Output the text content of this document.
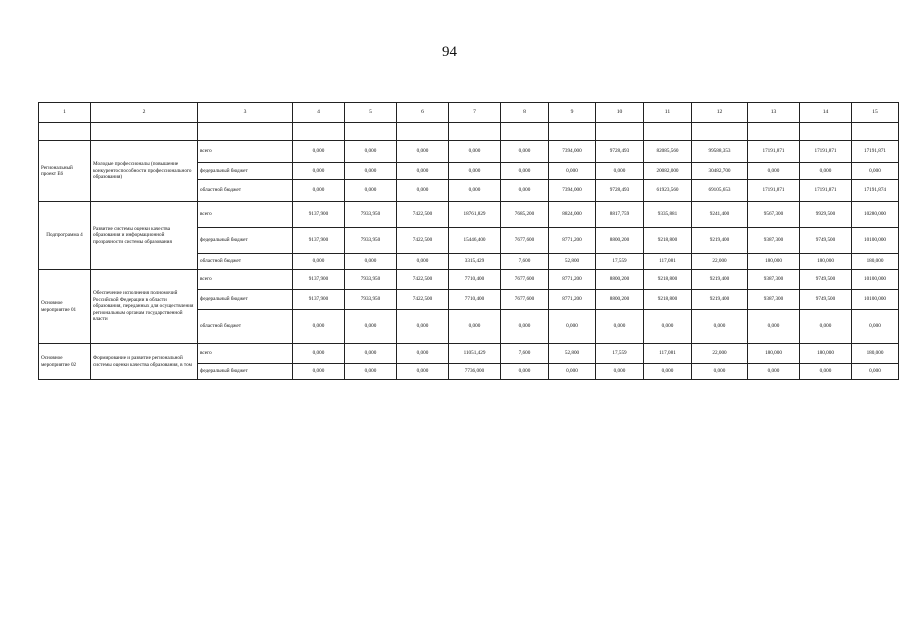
94
1	2	3	4	5	6	7	8	9	10	11	12	13	14	15

Региональный проект Е6	Молодые профессионалы (повышение конкурентоспособности профессионального образования)	всего	0,000	0,000	0,000	0,000	0,000	7394,000	9728,493	82085,560	99588,353	17191,871	17191,871	17191,871
		федеральный бюджет	0,000	0,000	0,000	0,000	0,000	0,000	0,000	20082,000	30482,700	0,000	0,000	0,000
		областной бюджет	0,000	0,000	0,000	0,000	0,000	7394,000	9728,493	61923,560	69105,653	17191,871	17191,871	17191,874
Подпрограмма 4	Развитие системы оценки качества образования и информационной прозрачности системы образования	всего	9137,900	7933,950	7422,500	18761,829	7685,200	8824,000	8817,759	9335,881	9241,400	9567,300	9929,500	10280,000
		федеральный бюджет	9137,900	7933,950	7422,500	15446,400	7677,600	8771,200	8800,200	9218,800	9219,400	9387,300	9749,500	10100,000
		областной бюджет	0,000	0,000	0,000	3315,429	7,600	52,800	17,559	117,081	22,000	180,000	180,000	180,000
Основное мероприятие 01	Обеспечение исполнения полномочий Российской Федерации в области образования, переданных для осуществления региональным органам государственной власти	всего	9137,900	7933,950	7422,500	7710,400	7677,600	8771,200	8800,200	9218,800	9219,400	9387,300	9749,500	10100,000
		федеральный бюджет	9137,900	7933,950	7422,500	7710,400	7677,600	8771,200	8800,200	9218,800	9219,400	9387,300	9749,500	10100,000
		областной бюджет	0,000	0,000	0,000	0,000	0,000	0,000	0,000	0,000	0,000	0,000	0,000	0,000
Основное мероприятие 02	Формирование и развитие региональной системы оценки качества образования, в том	всего	0,000	0,000	0,000	11051,429	7,600	52,800	17,559	117,081	22,000	180,000	180,000	180,000
		федеральный бюджет	0,000	0,000	0,000	7736,000	0,000	0,000	0,000	0,000	0,000	0,000	0,000	0,000
